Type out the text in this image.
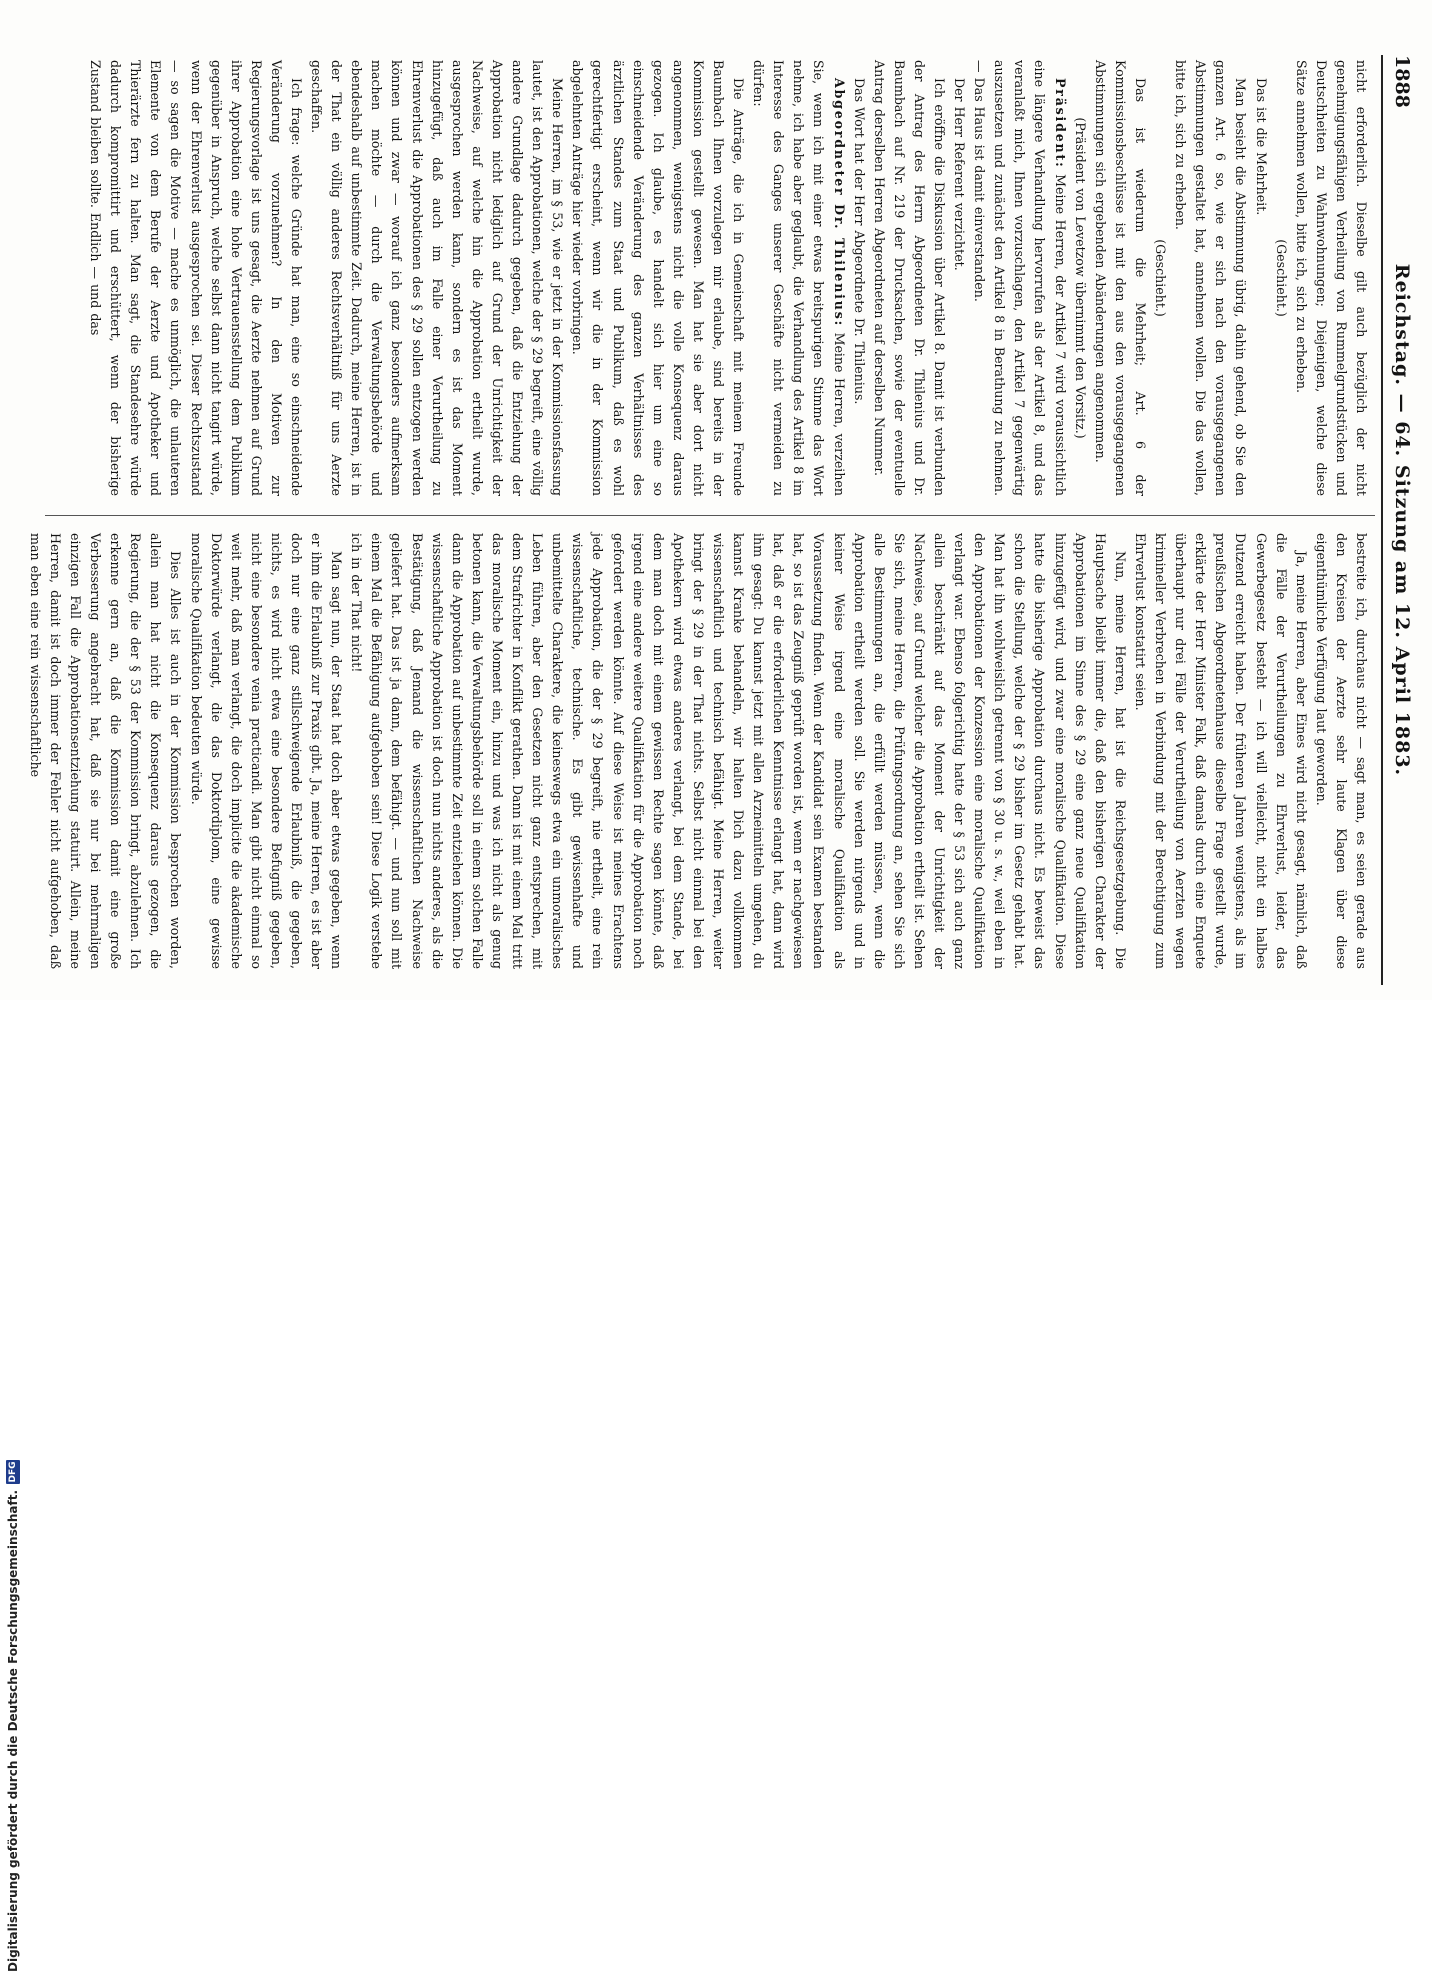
1888
Reichstag. — 64. Sitzung am 12. April 1883.

nicht erforderlich. Dieselbe gilt auch bezüglich der nicht genehmigungsfähigen Verheilung von Rummelgrundstücken und Deutschheiten zu Wahnwohnungen; Diejenigen, welche diese Sätze annehmen wollen, bitte ich, sich zu erheben.

(Geschieht.)

Das ist die Mehrheit.

Man besieht die Abstimmung übrig, dahin gehend, ob Sie den ganzen Art. 6 so, wie er sich nach den vorausgegangenen Abstimmungen gestaltet hat, annehmen wollen. Die das wollen, bitte ich, sich zu erheben.

(Geschieht.)

Das ist wiederum die Mehrheit; Art. 6 der Kommissionsbeschlüsse ist mit den aus den vorausgegangenen Abstimmungen sich ergebenden Abänderungen angenommen.

(Präsident von Levetzow übernimmt den Vorsitz.)

Präsident: Meine Herren, der Artikel 7 wird voraussichtlich eine längere Verhandlung hervorrufen als der Artikel 8, und das veranlaßt mich, Ihnen vorzuschlagen, den Artikel 7 gegenwärtig auszusetzen und zunächst den Artikel 8 in Berathung zu nehmen. — Das Haus ist damit einverstanden.

Der Herr Referent verzichtet.

Ich eröffne die Diskussion über Artikel 8. Damit ist verbunden der Antrag des Herrn Abgeordneten Dr. Thilenius und Dr. Baumbach auf Nr. 219 der Drucksachen, sowie der eventuelle Antrag derselben Herren Abgeordneten auf derselben Nummer.

Das Wort hat der Herr Abgeordnete Dr. Thilenius.

Abgeordneter Dr. Thilenius: Meine Herren, verzeihen Sie, wenn ich mit einer etwas breitspurigen Stimme das Wort nehme, ich habe aber geglaubt, die Verhandlung des Artikel 8 im Interesse des Ganges unserer Geschäfte nicht vermeiden zu dürfen:

Die Anträge, die ich in Gemeinschaft mit meinem Freunde Baumbach Ihnen vorzulegen mir erlaube, sind bereits in der Kommission gestellt gewesen. Man hat sie aber dort nicht angenommen, wenigstens nicht die volle Konsequenz daraus gezogen. Ich glaube, es handelt sich hier um eine so einschneidende Veränderung des ganzen Verhältnisses des ärztlichen Standes zum Staat und Publikum, daß es wohl gerechtfertigt erscheint, wenn wir die in der Kommission abgelehnten Anträge hier wieder vorbringen.

Meine Herren, im § 53, wie er jetzt in der Kommissionsfassung lautet, ist den Approbationen, welche der § 29 begreift, eine völlig andere Grundlage dadurch gegeben, daß die Entziehung der Approbation nicht lediglich auf Grund der Unrichtigkeit der Nachweise, auf welche hin die Approbation ertheilt wurde, ausgesprochen werden kann, sondern es ist das Moment hinzugefügt, daß auch im Falle einer Verurtheilung zu Ehrenverlust die Approbationen des § 29 sollen entzogen werden können und zwar — worauf ich ganz besonders aufmerksam machen möchte — durch die Verwaltungsbehörde und ebendeshalb auf unbestimmte Zeit. Dadurch, meine Herren, ist in der That ein völlig anderes Rechtsverhältniß für uns Aerzte geschaffen.

Ich frage: welche Gründe hat man, eine so einschneidende Veränderung vorzunehmen? In den Motiven zur Regierungsvorlage ist uns gesagt, die Aerzte nehmen auf Grund ihrer Approbation eine hohe Vertrauensstellung dem Publikum gegenüber in Anspruch, welche selbst dann nicht tangirt würde, wenn der Ehrenverlust ausgesprochen sei. Dieser Rechtszustand — so sagen die Motive — mache es unmöglich, die unlauteren Elemente von dem Berufe der Aerzte und Apotheker und Thierärzte fern zu halten. Man sagt, die Standesehre würde dadurch kompromittirt und erschüttert, wenn der bisherige Zustand bleiben sollte. Endlich — und das

bestreite ich, durchaus nicht — sagt man, es seien gerade aus den Kreisen der Aerzte sehr laute Klagen über diese eigenthümliche Verfügung laut geworden.

Ja, meine Herren, aber Eines wird nicht gesagt, nämlich, daß die Fälle der Verurtheilungen zu Ehrverlust, leider, das Gewerbegesetz besteht — ich will vielleicht, nicht ein halbes Dutzend erreicht haben. Der früheren Jahren wenigstens, als im preußischen Abgeordnetenhause dieselbe Frage gestellt wurde, erklärte der Herr Minister Falk, daß damals durch eine Enquete überhaupt nur drei Fälle der Verurtheilung von Aerzten wegen krimineller Verbrechen in Verbindung mit der Berechtigung zum Ehrverlust konstatirt seien.

Nun, meine Herren, hat ist die Reichsgesetzgebung. Die Hauptsache bleibt immer die, daß den bisherigen Charakter der Approbationen im Sinne des § 29 eine ganz neue Qualifikation hinzugefügt wird, und zwar eine moralische Qualifikation. Diese hatte die bisherige Approbation durchaus nicht. Es beweist das schon die Stellung, welche der § 29 bisher im Gesetz gehabt hat. Man hat ihn wohlweislich getrennt von § 30 u. s. w., weil eben in den Approbationen der Konzession eine moralische Qualifikation verlangt war. Ebenso folgerichtig hatte der § 53 sich auch ganz allein beschränkt auf das Moment der Unrichtigkeit der Nachweise, auf Grund welcher die Approbation ertheilt ist. Sehen Sie sich, meine Herren, die Prüfungsordnung an, sehen Sie sich alle Bestimmungen an, die erfüllt werden müssen, wenn die Approbation ertheilt werden soll. Sie werden nirgends und in keiner Weise irgend eine moralische Qualifikation als Voraussetzung finden. Wenn der Kandidat sein Examen bestanden hat, so ist das Zeugniß geprüft worden ist, wenn er nachgewiesen hat, daß er die erforderlichen Kenntnisse erlangt hat, dann wird ihm gesagt: Du kannst jetzt mit allen Arzneimitteln umgehen, du kannst Kranke behandeln, wir halten Dich dazu vollkommen wissenschaftlich und technisch befähigt. Meine Herren, weiter bringt der § 29 in der That nichts. Selbst nicht einmal bei den Apothekern wird etwas anderes verlangt, bei dem Stande, bei dem man doch mit einem gewissen Rechte sagen könnte, daß irgend eine andere weitere Qualifikation für die Approbation noch gefordert werden könnte. Auf diese Weise ist meines Erachtens jede Approbation, die der § 29 begreift, nie ertheilt, eine rein wissenschaftliche, technische. Es gibt gewissenhafte und unbemittelte Charaktere, die keineswegs etwa ein unmoralisches Leben führen, aber den Gesetzen nicht ganz entsprechen, mit dem Strafrichter in Konflikt gerathen. Dann ist mit einem Mal tritt das moralische Moment ein, hinzu und was ich nicht als genug betonen kann, die Verwaltungsbehörde soll in einem solchen Falle dann die Approbation auf unbestimmte Zeit entziehen können. Die wissenschaftliche Approbation ist doch nun nichts anderes, als die Bestätigung, daß Jemand die wissenschaftlichen Nachweise geliefert hat. Das ist ja dann, dem befähigt. — und nun soll mit einem Mal die Befähigung aufgehoben sein! Diese Logik verstehe ich in der That nicht!

Man sagt nun, der Staat hat doch aber etwas gegeben, wenn er ihm die Erlaubniß zur Praxis gibt. Ja, meine Herren, es ist aber doch nur eine ganz stillschweigende Erlaubniß, die gegeben, nichts, es wird nicht etwa eine besondere Befugniß gegeben, nicht eine besondere venia practicandi. Man gibt nicht einmal so weit mehr, daß man verlangt, die doch implicite die akademische Doktorwürde verlangt, die das Doktordiplom, eine gewisse moralische Qualifikation bedeuten würde.

Dies Alles ist auch in der Kommission besprochen worden, allein man hat nicht die Konsequenz daraus gezogen, die Regierung, die der § 53 der Kommission bringt, abzulehnen. Ich erkenne gern an, daß die Kommission damit eine große Verbesserung angebracht hat, daß sie nur bei mehrmaligen einzigen Fall die Approbationsentziehung statuirt. Allein, meine Herren, damit ist doch immer der Fehler nicht aufgehoben, daß man eben eine rein wissenschaftliche

Digitalisierung gefördert durch die Deutsche Forschungsgemeinschaft.
DFG
